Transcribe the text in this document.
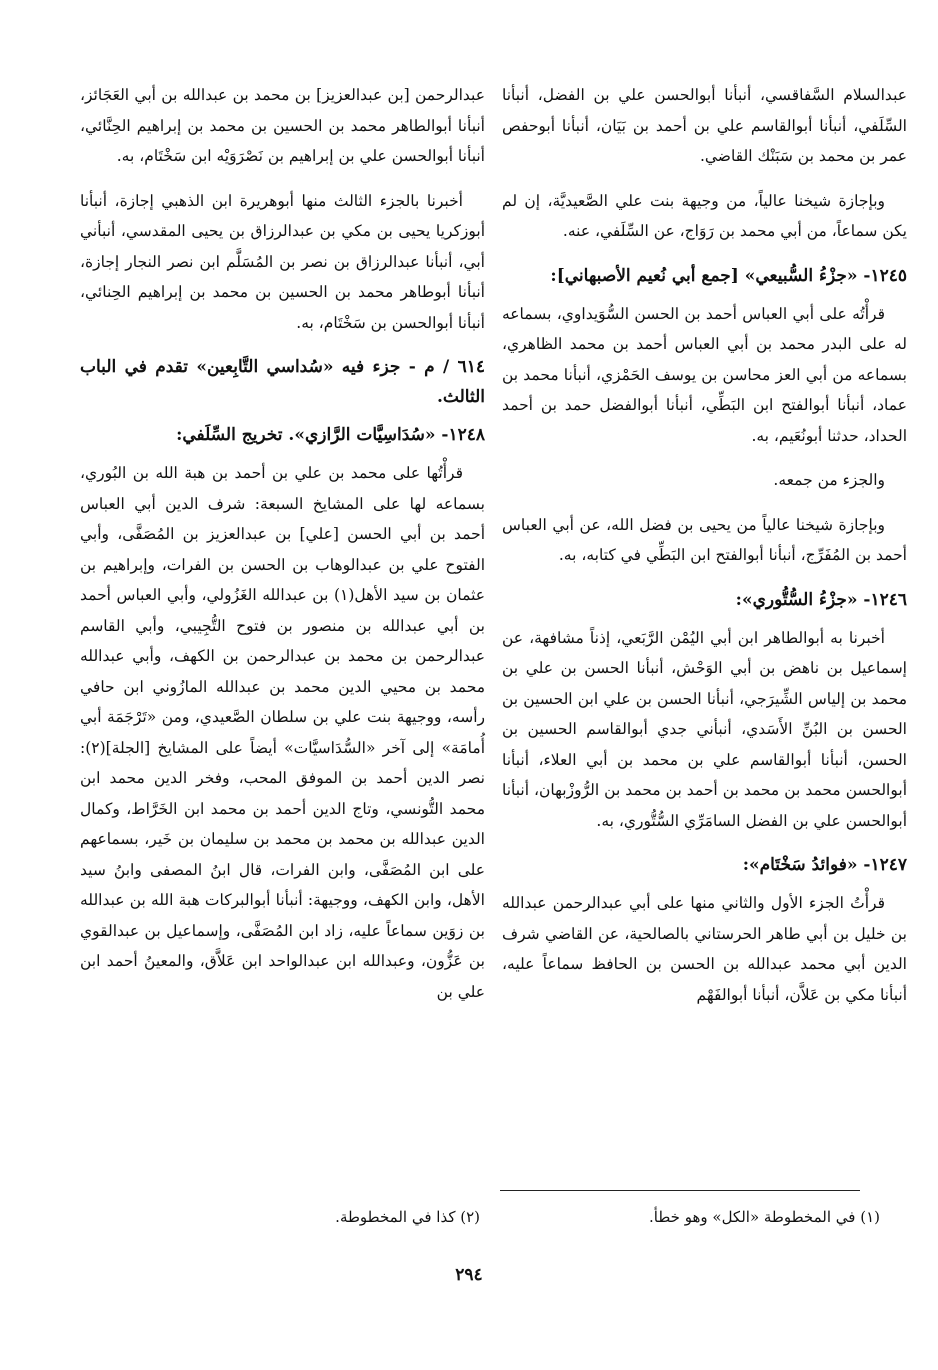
عبدالسلام السَّفاقسي، أنبأنا أبوالحسن علي بن الفضل، أنبأنا السِّلَفي، أنبأنا أبوالقاسم علي بن أحمد بن بَيَان، أنبأنا أبوحفص عمر بن محمد بن سَبَنْك القاضي.

وبإجازة شيخنا عالياً، من وجيهة بنت علي الصَّعيديَّة، إن لم يكن سماعاً، من أبي محمد بن رَوَاج، عن السِّلَفي، عنه.

١٢٤٥- «جزْءُ السُّبيعي» [جمع أبي نُعيم الأصبهاني]:

قرأْتُه على أبي العباس أحمد بن الحسن السُّوَيداوي، بسماعه له على البدر محمد بن أبي العباس أحمد بن محمد الظاهري، بسماعه من أبي العز محاسن بن يوسف الحَمْزي، أنبأنا محمد بن عماد، أنبأنا أبوالفتح ابن البَطِّي، أنبأنا أبوالفضل حمد بن أحمد الحداد، حدثنا أبونُعَيم، به.

والجزء من جمعه.

وبإجازة شيخنا عالياً من يحيى بن فضل الله، عن أبي العباس أحمد بن المُفَرِّج، أنبأنا أبوالفتح ابن البَطِّي في كتابه، به.

١٢٤٦- «جزْءُ السُّتُّوري»:

أخبرنا به أبوالطاهر ابن أبي اليُمْن الرَّبَعي، إذناً مشافهة، عن إسماعيل بن ناهض بن أبي الوَحْش، أنبأنا الحسن بن علي بن محمد بن إلياس الشِّيرَجي، أنبأنا الحسن بن علي ابن الحسين بن الحسن بن البُنِّ الأَسَدي، أنبأني جدي أبوالقاسم الحسين بن الحسن، أنبأنا أبوالقاسم علي بن محمد بن أبي العلاء، أنبأنا أبوالحسن محمد بن محمد بن أحمد بن محمد بن الرُّوزْبهان، أنبأنا أبوالحسن علي بن الفضل السامَرِّي السُّتُّوري، به.

١٢٤٧- «فوائدُ سَخْتَام»:

قرأْتُ الجزء الأول والثاني منها على أبي عبدالرحمن عبدالله بن خليل بن أبي طاهر الحرستاني بالصالحية، عن القاضي شرف الدين أبي محمد عبدالله بن الحسن بن الحافظ سماعاً عليه، أنبأنا مكي بن عَلاَّن، أنبأنا أبوالفَهْم

عبدالرحمن [بن عبدالعزيز] بن محمد بن عبدالله بن أبي العَجَائز، أنبأنا أبوالطاهر محمد بن الحسين بن محمد بن إبراهيم الحِنَّائي، أنبأنا أبوالحسن علي بن إبراهيم بن نَصْرَوَيْه ابن سَخْتَام، به.

أخبرنا بالجزء الثالث منها أبوهريرة ابن الذهبي إجازة، أنبأنا أبوزكريا يحيى بن مكي بن عبدالرزاق بن يحيى المقدسي، أنبأني أبي، أنبأنا عبدالرزاق بن نصر بن المُسَلَّم ابن نصر النجار إجازة، أنبأنا أبوطاهر محمد بن الحسين بن محمد بن إبراهيم الحِنائي، أنبأنا أبوالحسن بن سَخْتَام، به.

٦١٤ / م - جزء فيه «سُداسي التَّابِعين» تقدم في الباب الثالث.
١٢٤٨- «سُدَاسِيَّات الرَّازي». تخريج السِّلَفي:

قرأْتُها على محمد بن علي بن أحمد بن هبة الله بن البُوري، بسماعه لها على المشايخ السبعة: شرف الدين أبي العباس أحمد بن أبي الحسن [علي] بن عبدالعزيز بن المُصَفَّى، وأبي الفتوح علي بن عبدالوهاب بن الحسن بن الفرات، وإبراهيم بن عثمان بن سيد الأهل(١) بن عبدالله الغَزُولي، وأبي العباس أحمد بن أبي عبدالله بن منصور بن فتوح التُّجِيبي، وأبي القاسم عبدالرحمن بن محمد بن عبدالرحمن بن الكهف، وأبي عبدالله محمد بن محيي الدين محمد بن عبدالله المازُوني ابن حافي رأسه، ووجيهة بنت علي بن سلطان الصَّعيدي، ومن «تَرْجَمَة أبي أُمامَة» إلى آخر «السُّدَاسيَّات» أيضاً على المشايخ [الجلة](٢): نصر الدين أحمد بن الموفق المحب، وفخر الدين محمد ابن محمد التُّونسي، وتاج الدين أحمد بن محمد ابن الخَرَّاط، وكمال الدين عبدالله بن محمد بن محمد بن سليمان بن خَير، بسماعهم على ابن المُصَفَّى، وابن الفرات، قال ابنُ المصفى وابنُ سيد الأهل، وابن الكهف، ووجيهة: أنبأنا أبوالبركات هبة الله بن عبدالله بن زوَين سماعاً عليه، زاد ابن المُصَفَّى، وإسماعيل بن عبدالقوي بن عَزُّون، وعبدالله ابن عبدالواحد ابن عَلاَّق، والمعينُ أحمد ابن علي بن

(١) في المخطوطة «الكل» وهو خطأ.
(٢) كذا في المخطوطة.
٢٩٤
